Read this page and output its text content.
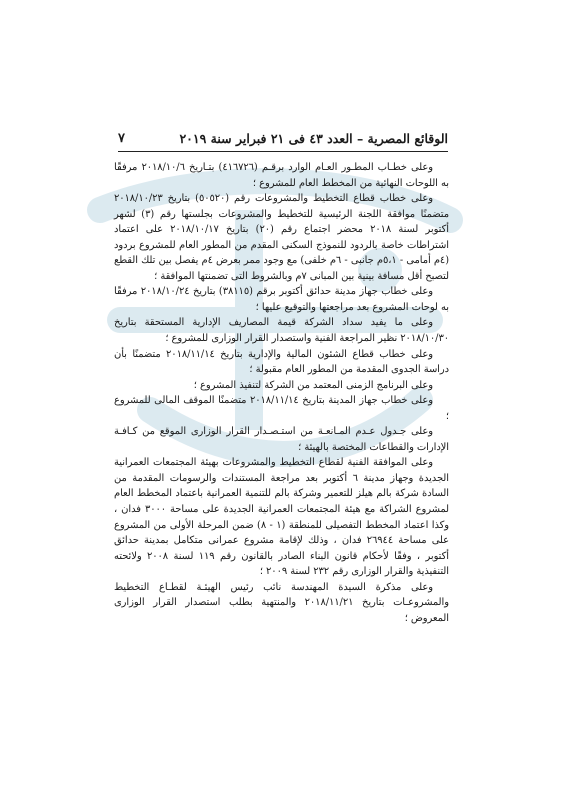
الوقائع المصرية – العدد ٤٣ فى ٢١ فبراير سنة ٢٠١٩
٧

وعلى خطـاب المطـور العـام الوارد برقـم (٤١٦٧٢٦) بتـاريخ ٢٠١٨/١٠/٦ مرفقًا به اللوحات النهائية من المخطط العام للمشروع ؛

وعلى خطاب قطاع التخطيط والمشروعات رقم (٥٠٥٢٠) بتاريخ ٢٠١٨/١٠/٢٣ متضمنًا موافقة اللجنة الرئيسية للتخطيط والمشروعات بجلستها رقم (٣) لشهر أكتوبر لسنة ٢٠١٨ محضر اجتماع رقم (٢٠) بتاريخ ٢٠١٨/١٠/١٧ على اعتماد اشتراطات خاصة بالردود للنموذج السكنى المقدم من المطور العام للمشروع بردود (٤م أمامى - ٥،١م جانبى - ٦م خلفى) مع وجود ممر بعرض ٤م يفصل بين تلك القطع لتصبح أقل مسافة بينية بين المبانى ٧م وبالشروط التى تضمنتها الموافقة ؛

وعلى خطاب جهاز مدينة حدائق أكتوبر برقم (٣٨١١٥) بتاريخ ٢٠١٨/١٠/٢٤ مرفقًا به لوحات المشروع بعد مراجعتها والتوقيع عليها ؛

وعلى ما يفيد سداد الشركة قيمة المصاريف الإدارية المستحقة بتاريخ ٢٠١٨/١٠/٣٠ نظير المراجعة الفنية واستصدار القرار الوزارى للمشروع ؛

وعلى خطاب قطاع الشئون المالية والإدارية بتاريخ ٢٠١٨/١١/١٤ متضمنًا بأن دراسة الجدوى المقدمة من المطور العام مقبولة ؛

وعلى البرنامج الزمنى المعتمد من الشركة لتنفيذ المشروع ؛

وعلى خطاب جهاز المدينة بتاريخ ٢٠١٨/١١/١٤ متضمنًا الموقف المالى للمشروع ؛

وعلى جـدول عـدم المـانعـة من استـصـدار القرار الوزارى الموقع من كـافـة الإدارات والقطاعات المختصة بالهيئة ؛

وعلى الموافقة الفنية لقطاع التخطيط والمشروعات بهيئة المجتمعات العمرانية الجديدة وجهاز مدينة ٦ أكتوبر بعد مراجعة المستندات والرسومات المقدمة من السادة شركة بالم هيلز للتعمير وشركة بالم للتنمية العمرانية باعتماد المخطط العام لمشروع الشراكة مع هيئة المجتمعات العمرانية الجديدة على مساحة ٣٠٠٠ فدان ، وكذا اعتماد المخطط التفصيلى للمنطقة (١ - ٨) ضمن المرحلة الأولى من المشروع على مساحة ٢٦٩٤٤ فدان ، وذلك لإقامة مشروع عمرانى متكامل بمدينة حدائق أكتوبر ، وفقًا لأحكام قانون البناء الصادر بالقانون رقم ١١٩ لسنة ٢٠٠٨ ولائحته التنفيذية والقرار الوزارى رقم ٢٣٢ لسنة ٢٠٠٩ ؛

وعلى مذكرة السيدة المهندسة نائب رئيس الهيئـة لقطـاع التخطيط والمشروعـات بتاريخ ٢٠١٨/١١/٢١ والمنتهية بطلب استصدار القرار الوزارى المعروض ؛
